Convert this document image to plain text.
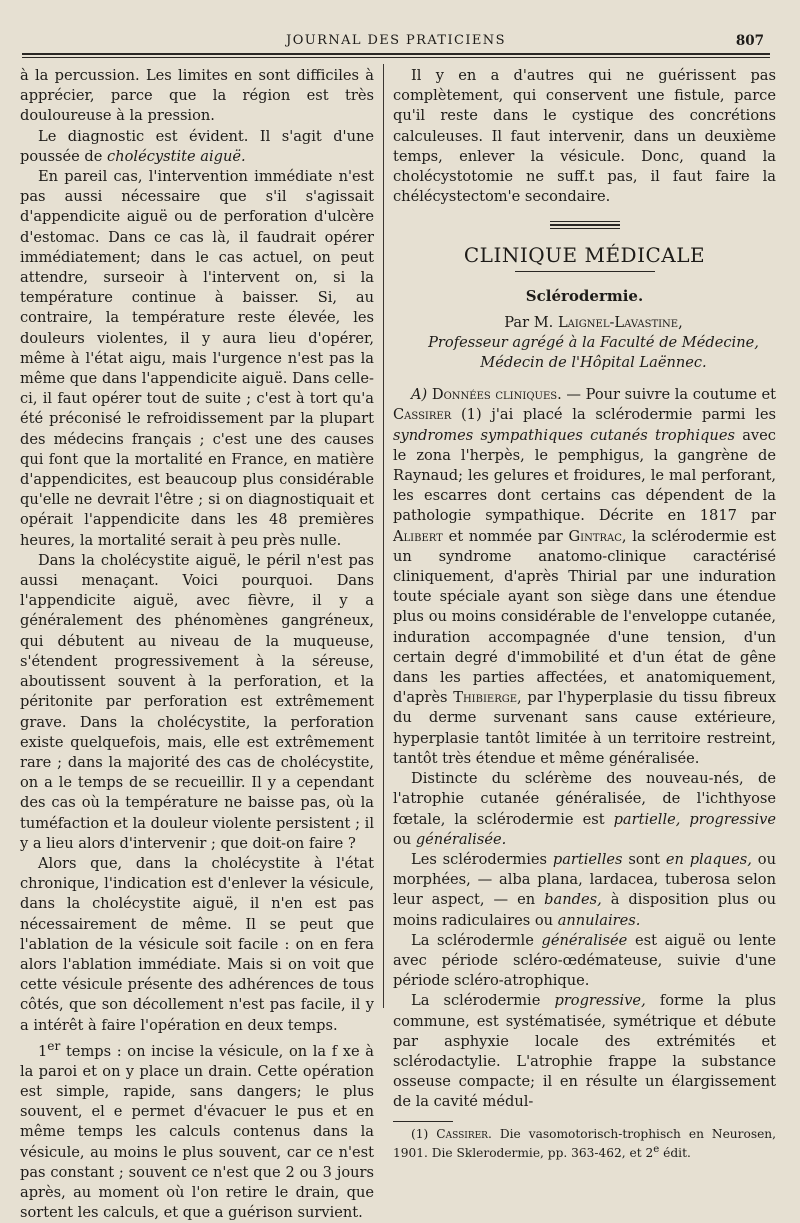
JOURNAL DES PRATICIENS	807

à la percussion. Les limites en sont difficiles à apprécier, parce que la région est très douloureuse à la pression.

Le diagnostic est évident. Il s'agit d'une poussée de cholécystite aiguë.

En pareil cas, l'intervention immédiate n'est pas aussi nécessaire que s'il s'agissait d'appendicite aiguë ou de perforation d'ulcère d'estomac. Dans ce cas là, il faudrait opérer immédiatement; dans le cas actuel, on peut attendre, surseoir à l'intervent on, si la température continue à baisser. Si, au contraire, la température reste élevée, les douleurs violentes, il y aura lieu d'opérer, même à l'état aigu, mais l'urgence n'est pas la même que dans l'appendicite aiguë. Dans celle-ci, il faut opérer tout de suite ; c'est à tort qu'a été préconisé le refroidissement par la plupart des médecins français ; c'est une des causes qui font que la mortalité en France, en matière d'appendicites, est beaucoup plus considérable qu'elle ne devrait l'être ; si on diagnostiquait et opérait l'appendicite dans les 48 premières heures, la mortalité serait à peu près nulle.

Dans la cholécystite aiguë, le péril n'est pas aussi menaçant. Voici pourquoi. Dans l'appendicite aiguë, avec fièvre, il y a généralement des phénomènes gangréneux, qui débutent au niveau de la muqueuse, s'étendent progressivement à la séreuse, aboutissent souvent à la perforation, et la péritonite par perforation est extrêmement grave. Dans la cholécystite, la perforation existe quelquefois, mais, elle est extrêmement rare ; dans la majorité des cas de cholécystite, on a le temps de se recueillir. Il y a cependant des cas où la température ne baisse pas, où la tuméfaction et la douleur violente persistent ; il y a lieu alors d'intervenir ; que doit-on faire ?

Alors que, dans la cholécystite à l'état chronique, l'indication est d'enlever la vésicule, dans la cholécystite aiguë, il n'en est pas nécessairement de même. Il se peut que l'ablation de la vésicule soit facile : on en fera alors l'ablation immédiate. Mais si on voit que cette vésicule présente des adhérences de tous côtés, que son décollement n'est pas facile, il y a intérêt à faire l'opération en deux temps.

1er temps : on incise la vésicule, on la f xe à la paroi et on y place un drain. Cette opération est simple, rapide, sans dangers; le plus souvent, el e permet d'évacuer le pus et en même temps les calculs contenus dans la vésicule, au moins le plus souvent, car ce n'est pas constant ; souvent ce n'est que 2 ou 3 jours après, au moment où l'on retire le drain, que sortent les calculs, et que a guérison survient.

Il y en a d'autres qui ne guérissent pas complètement, qui conservent une fistule, parce qu'il reste dans le cystique des concrétions calculeuses. Il faut intervenir, dans un deuxième temps, enlever la vésicule. Donc, quand la cholécystotomie ne suff.t pas, il faut faire la chélécystectom'e secondaire.

CLINIQUE MÉDICALE
Sclérodermie.

Par M. Laignel-Lavastine,

Professeur agrégé à la Faculté de Médecine,

Médecin de l'Hôpital Laënnec.

A) Données cliniques. — Pour suivre la coutume et Cassirer (1) j'ai placé la sclérodermie parmi les syndromes sympathiques cutanés trophiques avec le zona l'herpès, le pemphigus, la gangrène de Raynaud; les gelures et froidures, le mal perforant, les escarres dont certains cas dépendent de la pathologie sympathique. Décrite en 1817 par Alibert et nommée par Gintrac, la sclérodermie est un syndrome anatomo-clinique caractérisé cliniquement, d'après Thirial par une induration toute spéciale ayant son siège dans une étendue plus ou moins considérable de l'enveloppe cutanée, induration accompagnée d'une tension, d'un certain degré d'immobilité et d'un état de gêne dans les parties affectées, et anatomiquement, d'après Thibierge, par l'hyperplasie du tissu fibreux du derme survenant sans cause extérieure, hyperplasie tantôt limitée à un territoire restreint, tantôt très étendue et même généralisée.

Distincte du sclérème des nouveau-nés, de l'atrophie cutanée généralisée, de l'ichthyose fœtale, la sclérodermie est partielle, progressive ou généralisée.

Les sclérodermies partielles sont en plaques, ou morphées, — alba plana, lardacea, tuberosa selon leur aspect, — en bandes, à disposition plus ou moins radiculaires ou annulaires.

La sclérodermle généralisée est aiguë ou lente avec période scléro-œdémateuse, suivie d'une période scléro-atrophique.

La sclérodermie progressive, forme la plus commune, est systématisée, symétrique et débute par asphyxie locale des extrémités et sclérodactylie. L'atrophie frappe la substance osseuse compacte; il en résulte un élargissement de la cavité médul-

(1) Cassirer. Die vasomotorisch-trophisch en Neurosen, 1901. Die Sklerodermie, pp. 363-462, et 2e édit.
